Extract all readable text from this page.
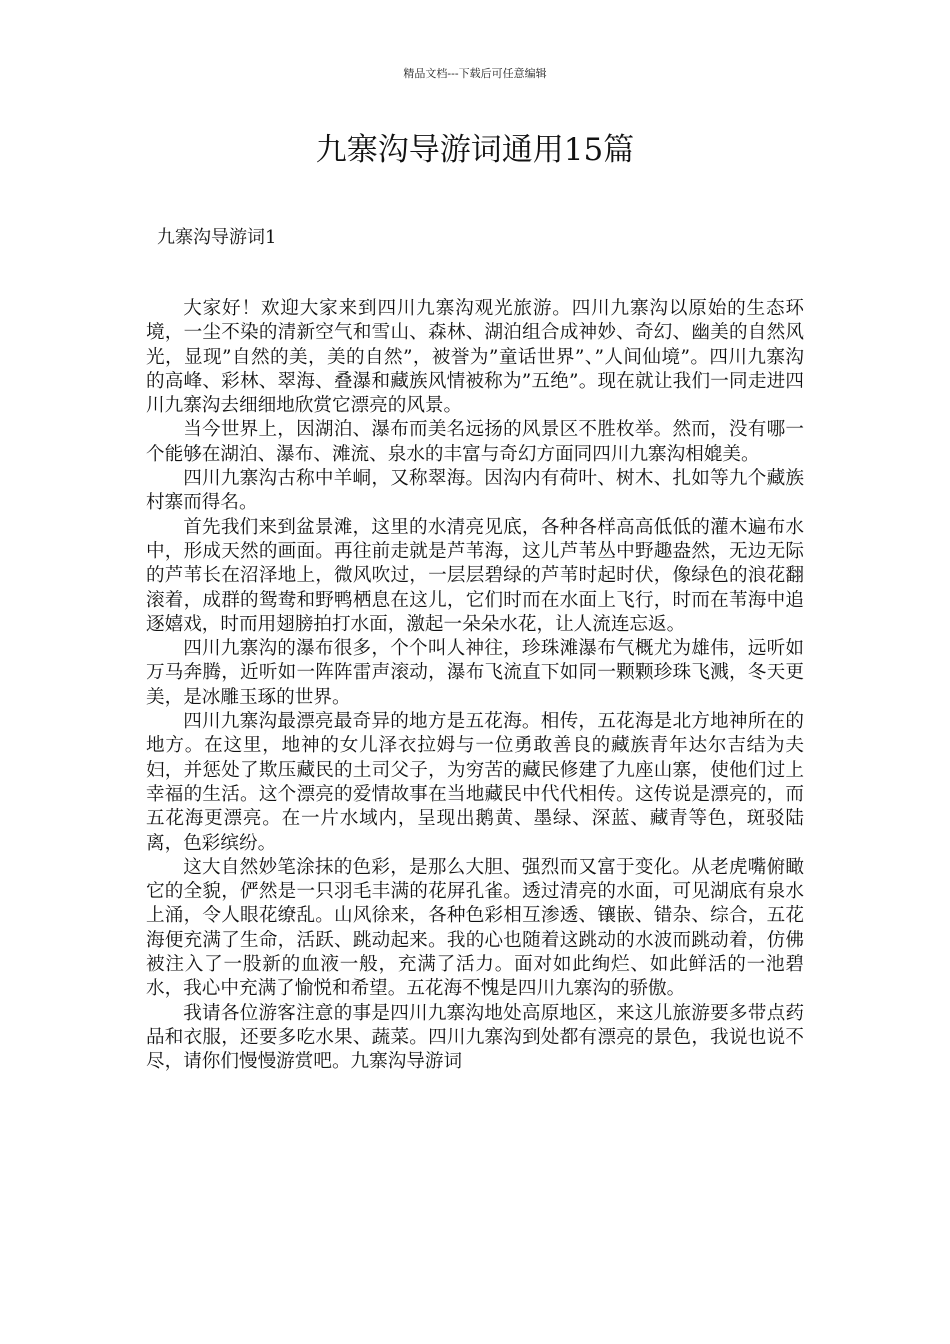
精品文档---下载后可任意编辑
九寨沟导游词通用15篇
九寨沟导游词1

大家好！欢迎大家来到四川九寨沟观光旅游。四川九寨沟以原始的生态环境，一尘不染的清新空气和雪山、森林、湖泊组合成神妙、奇幻、幽美的自然风光，显现”自然的美，美的自然”，被誉为”童话世界”、”人间仙境”。四川九寨沟的高峰、彩林、翠海、叠瀑和藏族风情被称为”五绝”。现在就让我们一同走进四川九寨沟去细细地欣赏它漂亮的风景。

当今世界上，因湖泊、瀑布而美名远扬的风景区不胜枚举。然而，没有哪一个能够在湖泊、瀑布、滩流、泉水的丰富与奇幻方面同四川九寨沟相媲美。

四川九寨沟古称中羊峒，又称翠海。因沟内有荷叶、树木、扎如等九个藏族村寨而得名。

首先我们来到盆景滩，这里的水清亮见底，各种各样高高低低的灌木遍布水中，形成天然的画面。再往前走就是芦苇海，这儿芦苇丛中野趣盎然，无边无际的芦苇长在沼泽地上，微风吹过，一层层碧绿的芦苇时起时伏，像绿色的浪花翻滚着，成群的鸳鸯和野鸭栖息在这儿，它们时而在水面上飞行，时而在苇海中追逐嬉戏，时而用翅膀拍打水面，激起一朵朵水花，让人流连忘返。

四川九寨沟的瀑布很多，个个叫人神往，珍珠滩瀑布气概尤为雄伟，远听如万马奔腾，近听如一阵阵雷声滚动，瀑布飞流直下如同一颗颗珍珠飞溅，冬天更美，是冰雕玉琢的世界。

四川九寨沟最漂亮最奇异的地方是五花海。相传，五花海是北方地神所在的地方。在这里，地神的女儿泽衣拉姆与一位勇敢善良的藏族青年达尔吉结为夫妇，并惩处了欺压藏民的土司父子，为穷苦的藏民修建了九座山寨，使他们过上幸福的生活。这个漂亮的爱情故事在当地藏民中代代相传。这传说是漂亮的，而五花海更漂亮。在一片水域内，呈现出鹅黄、墨绿、深蓝、藏青等色，斑驳陆离，色彩缤纷。

这大自然妙笔涂抹的色彩，是那么大胆、强烈而又富于变化。从老虎嘴俯瞰它的全貌，俨然是一只羽毛丰满的花屏孔雀。透过清亮的水面，可见湖底有泉水上涌，令人眼花缭乱。山风徐来，各种色彩相互渗透、镶嵌、错杂、综合，五花海便充满了生命，活跃、跳动起来。我的心也随着这跳动的水波而跳动着，仿佛被注入了一股新的血液一般，充满了活力。面对如此绚烂、如此鲜活的一池碧水，我心中充满了愉悦和希望。五花海不愧是四川九寨沟的骄傲。

我请各位游客注意的事是四川九寨沟地处高原地区，来这儿旅游要多带点药品和衣服，还要多吃水果、蔬菜。四川九寨沟到处都有漂亮的景色，我说也说不尽，请你们慢慢游赏吧。九寨沟导游词
